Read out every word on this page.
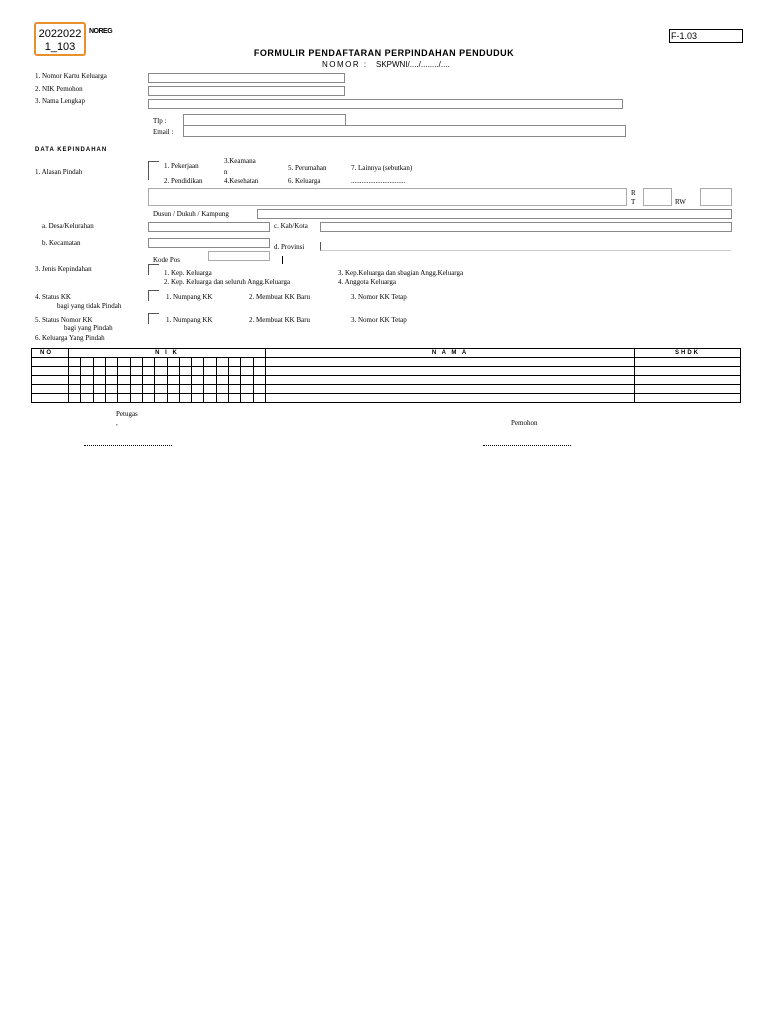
2022022 1_103
NOREG	F-1.03
FORMULIR PENDAFTARAN PERPINDAHAN PENDUDUK
NOMOR : SKPWNI/..../......../....
1. Nomor Kartu Keluarga
2. NIK Pemohon
3. Nama Lengkap
Tlp :
Email :
DATA KEPINDAHAN
1. Alasan Pindah
1. Pekerjaan
2. Pendidikan
3.Keamana
n
4.Kesehatan
5. Perumahan
6. Keluarga
7. Lainnya (sebutkan)
...............................
R
T	RW
Dusun / Dukuh / Kampung
a. Desa/Kelurahan	c. Kab/Kota
b. Kecamatan	d. Provinsi
Kode Pos
3. Jenis Kepindahan	1. Kep. Keluarga
2. Kep. Keluarga dan seluruh Angg.Keluarga
3. Kep.Keluarga dan sbagian Angg.Keluarga
4. Anggota Keluarga
4. Status KK
bagi yang tidak Pindah
1. Numpang KK	2. Membuat KK Baru	3. Nomor KK Tetap
5. Status Nomor KK
bagi yang Pindah
1. Numpang KK	2. Membuat KK Baru	3. Nomor KK Tetap
6. Keluarga Yang Pindah
NO	N I K																N A M A	SHDK

Petugas
,	Pemohon
